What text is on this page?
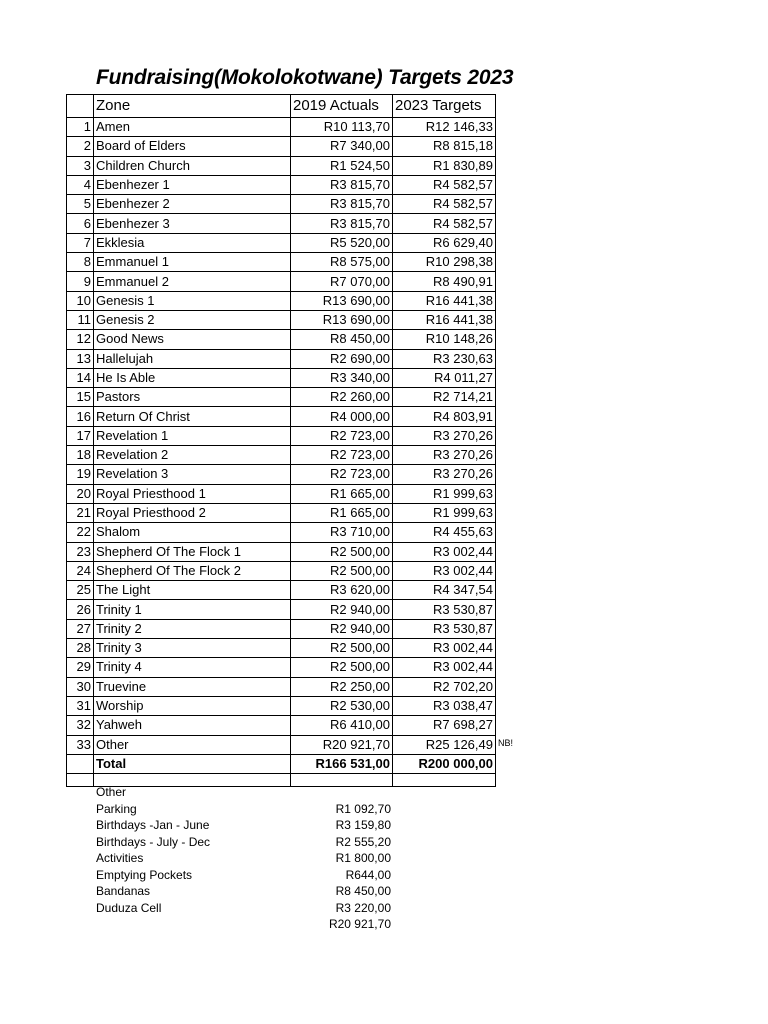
Fundraising(Mokolokotwane) Targets 2023
	Zone	2019 Actuals	2023 Targets
1	Amen	R10 113,70	R12 146,33
2	Board of Elders	R7 340,00	R8 815,18
3	Children Church	R1 524,50	R1 830,89
4	Ebenhezer 1	R3 815,70	R4 582,57
5	Ebenhezer 2	R3 815,70	R4 582,57
6	Ebenhezer 3	R3 815,70	R4 582,57
7	Ekklesia	R5 520,00	R6 629,40
8	Emmanuel 1	R8 575,00	R10 298,38
9	Emmanuel 2	R7 070,00	R8 490,91
10	Genesis 1	R13 690,00	R16 441,38
11	Genesis 2	R13 690,00	R16 441,38
12	Good News	R8 450,00	R10 148,26
13	Hallelujah	R2 690,00	R3 230,63
14	He Is Able	R3 340,00	R4 011,27
15	Pastors	R2 260,00	R2 714,21
16	Return Of Christ	R4 000,00	R4 803,91
17	Revelation 1	R2 723,00	R3 270,26
18	Revelation 2	R2 723,00	R3 270,26
19	Revelation 3	R2 723,00	R3 270,26
20	Royal Priesthood 1	R1 665,00	R1 999,63
21	Royal Priesthood 2	R1 665,00	R1 999,63
22	Shalom	R3 710,00	R4 455,63
23	Shepherd Of The Flock 1	R2 500,00	R3 002,44
24	Shepherd Of The Flock 2	R2 500,00	R3 002,44
25	The Light	R3 620,00	R4 347,54
26	Trinity 1	R2 940,00	R3 530,87
27	Trinity 2	R2 940,00	R3 530,87
28	Trinity 3	R2 500,00	R3 002,44
29	Trinity 4	R2 500,00	R3 002,44
30	Truevine	R2 250,00	R2 702,20
31	Worship	R2 530,00	R3 038,47
32	Yahweh	R6 410,00	R7 698,27
33	Other	R20 921,70	R25 126,49
	Total	R166 531,00	R200 000,00

NB!
Other
Parking	R1 092,70
Birthdays -Jan - June	R3 159,80
Birthdays - July - Dec	R2 555,20
Activities	R1 800,00
Emptying Pockets	R644,00
Bandanas	R8 450,00
Duduza Cell	R3 220,00
R20 921,70
